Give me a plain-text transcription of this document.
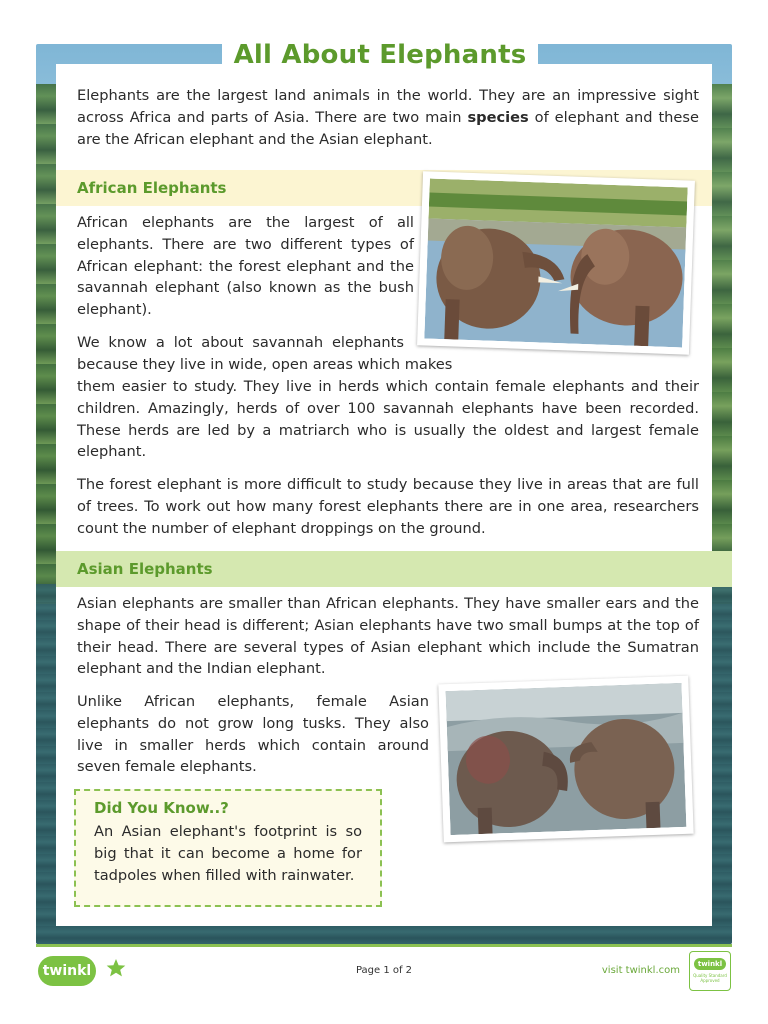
All About Elephants

Elephants are the largest land animals in the world. They are an impressive sight across Africa and parts of Asia. There are two main species of elephant and these are the African elephant and the Asian elephant.

African Elephants

African elephants are the largest of all elephants. There are two different types of African elephant: the forest elephant and the savannah elephant (also known as the bush elephant).

We know a lot about savannah elephants

because they live in wide, open areas which makes

them easier to study. They live in herds which contain female elephants and their children. Amazingly, herds of over 100 savannah elephants have been recorded. These herds are led by a matriarch who is usually the oldest and largest female elephant.

The forest elephant is more difficult to study because they live in areas that are full of trees. To work out how many forest elephants there are in one area, researchers count the number of elephant droppings on the ground.

Asian Elephants

Asian elephants are smaller than African elephants. They have smaller ears and the shape of their head is different; Asian elephants have two small bumps at the top of their head. There are several types of Asian elephant which include the Sumatran elephant and the Indian elephant.

Unlike African elephants, female Asian elephants do not grow long tusks. They also live in smaller herds which contain around seven female elephants.

Did You Know..?
An Asian elephant's footprint is so big that it can become a home for tadpoles when filled with rainwater.
twinkl	Page 1 of 2	visit twinkl.com
twinkl
Quality Standard Approved
